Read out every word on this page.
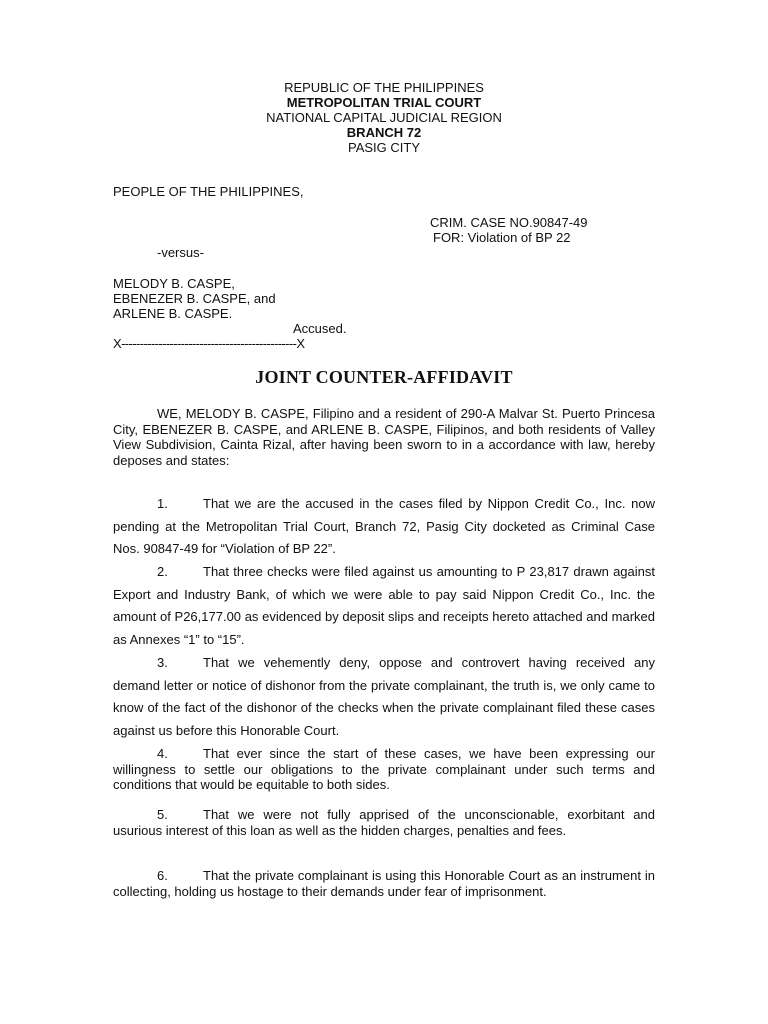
REPUBLIC OF THE PHILIPPINES
METROPOLITAN TRIAL COURT
NATIONAL CAPITAL JUDICIAL REGION
BRANCH 72
PASIG CITY
PEOPLE OF THE PHILIPPINES,
CRIM. CASE NO.90847-49
FOR: Violation of BP 22
-versus-
MELODY B. CASPE,
EBENEZER B. CASPE, and
ARLENE B. CASPE.
Accused.
X-----------------------------------------------X
JOINT COUNTER-AFFIDAVIT
WE, MELODY B. CASPE, Filipino and a resident of 290-A Malvar St. Puerto Princesa City, EBENEZER B. CASPE, and ARLENE B. CASPE, Filipinos, and both residents of Valley View Subdivision, Cainta Rizal, after having been sworn to in a accordance with law, hereby deposes and states:
1.	That we are the accused in the cases filed by Nippon Credit Co., Inc. now pending at the Metropolitan Trial Court, Branch 72, Pasig City docketed as Criminal Case Nos. 90847-49 for “Violation of BP 22”.
2.	That three checks were filed against us amounting to P 23,817 drawn against Export and Industry Bank, of which we were able to pay said Nippon Credit Co., Inc. the amount of P26,177.00 as evidenced by deposit slips and receipts hereto attached and marked as Annexes “1” to “15”.
3.	That we vehemently deny, oppose and controvert having received any demand letter or notice of dishonor from the private complainant, the truth is, we only came to know of the fact of the dishonor of the checks when the private complainant filed these cases against us before this Honorable Court.
4.	That ever since the start of these cases, we have been expressing our willingness to settle our obligations to the private complainant under such terms and conditions that would be equitable to both sides.
5.	That we were not fully apprised of the unconscionable, exorbitant and usurious interest of this loan as well as the hidden charges, penalties and fees.
6.	That the private complainant is using this Honorable Court as an instrument in collecting, holding us hostage to their demands under fear of imprisonment.
